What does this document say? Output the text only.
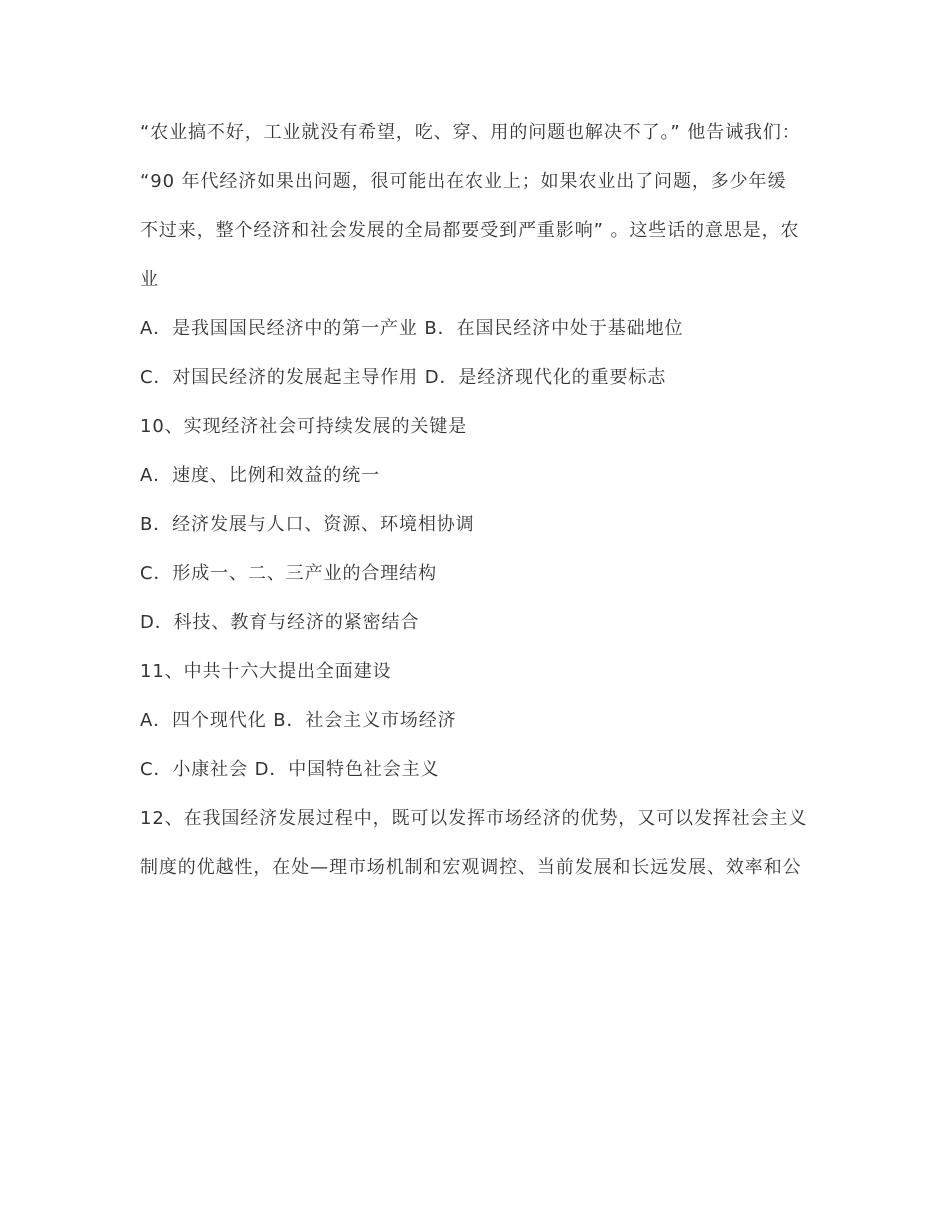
“农业搞不好，工业就没有希望，吃、穿、用的问题也解决不了。” 他告诫我们：

“90 年代经济如果出问题，很可能出在农业上；如果农业出了问题，多少年缓

不过来，整个经济和社会发展的全局都要受到严重影响” 。这些话的意思是，农

业

A．是我国国民经济中的第一产业 B．在国民经济中处于基础地位

C．对国民经济的发展起主导作用 D．是经济现代化的重要标志

10、实现经济社会可持续发展的关键是

A．速度、比例和效益的统一

B．经济发展与人口、资源、环境相协调

C．形成一、二、三产业的合理结构

D．科技、教育与经济的紧密结合

11、中共十六大提出全面建设

A．四个现代化 B．社会主义市场经济

C．小康社会 D．中国特色社会主义

12、在我国经济发展过程中，既可以发挥市场经济的优势，又可以发挥社会主义

制度的优越性，在处—理市场机制和宏观调控、当前发展和长远发展、效率和公
